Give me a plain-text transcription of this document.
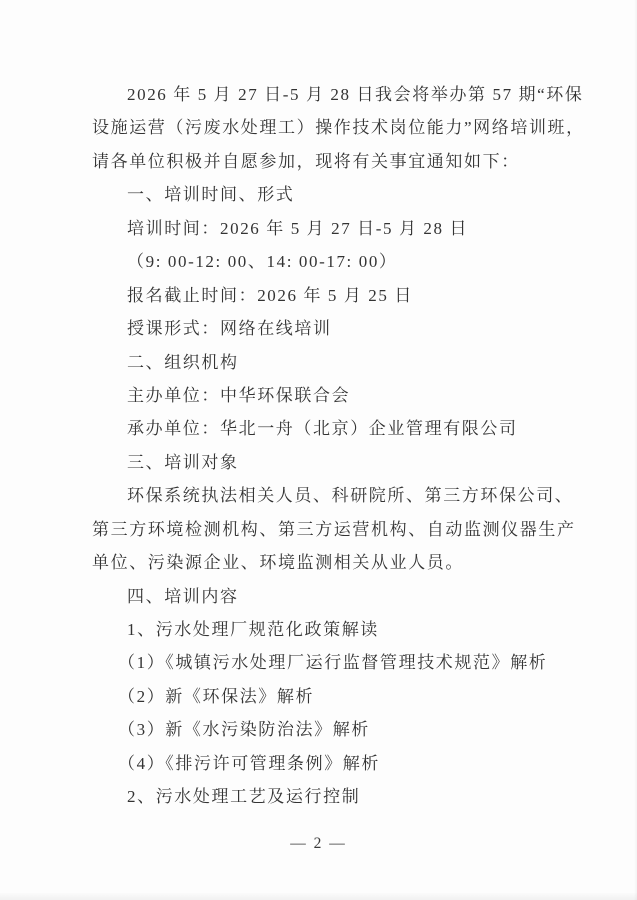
2026 年 5 月 27 日-5 月 28 日我会将举办第 57 期“环保
设施运营（污废水处理工）操作技术岗位能力”网络培训班，
请各单位积极并自愿参加，现将有关事宜通知如下：
一、培训时间、形式
培训时间：2026 年 5 月 27 日-5 月 28 日
（9: 00-12: 00、14: 00-17: 00）
报名截止时间：2026 年 5 月 25 日
授课形式：网络在线培训
二、组织机构
主办单位：中华环保联合会
承办单位：华北一舟（北京）企业管理有限公司
三、培训对象
环保系统执法相关人员、科研院所、第三方环保公司、
第三方环境检测机构、第三方运营机构、自动监测仪器生产
单位、污染源企业、环境监测相关从业人员。
四、培训内容
1、污水处理厂规范化政策解读
（1）《城镇污水处理厂运行监督管理技术规范》解析
（2）新《环保法》解析
（3）新《水污染防治法》解析
（4）《排污许可管理条例》解析
2、污水处理工艺及运行控制
— 2 —
